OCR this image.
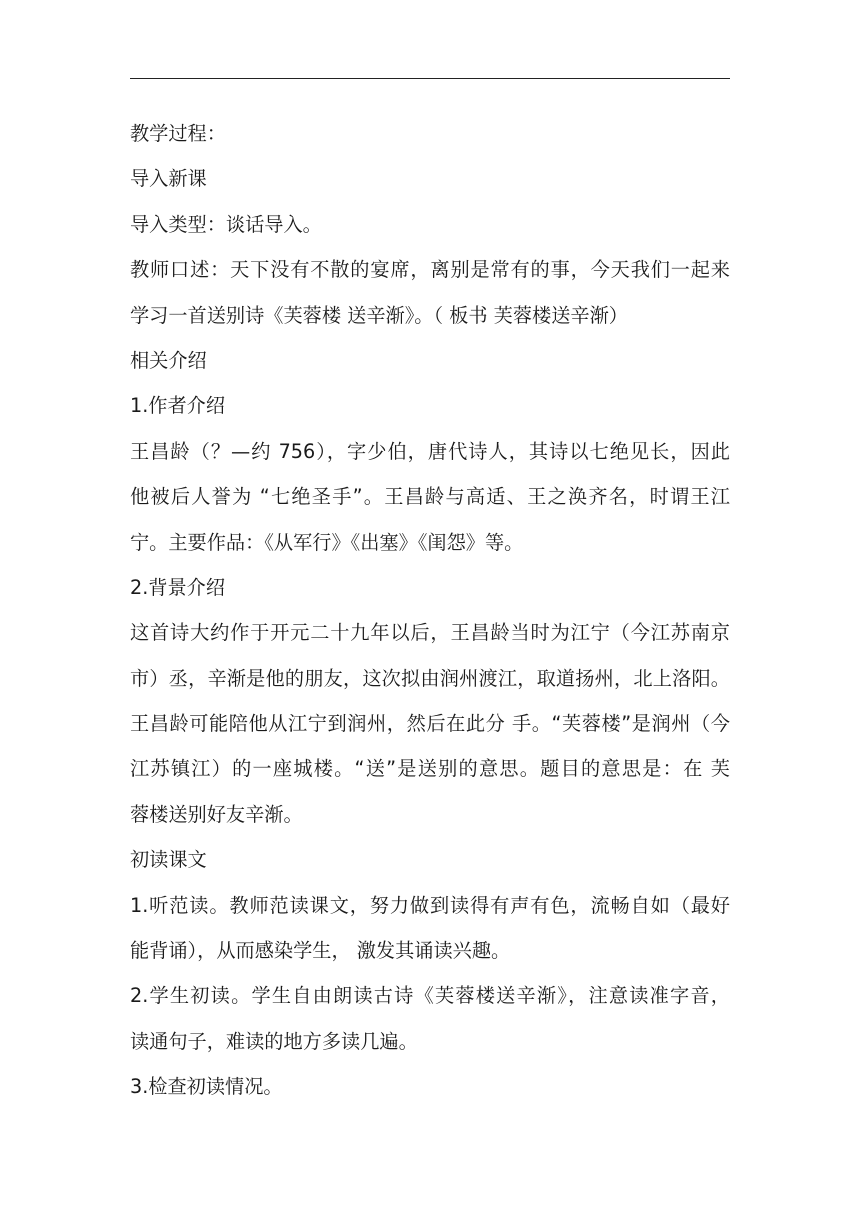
教学过程：
导入新课
导入类型：谈话导入。
教师口述：天下没有不散的宴席，离别是常有的事，今天我们一起来
学习一首送别诗《芙蓉楼 送辛渐》。（ 板书 芙蓉楼送辛渐）
相关介绍
1.作者介绍
王昌龄（？—约 756），字少伯，唐代诗人，其诗以七绝见长，因此
他被后人誉为 “七绝圣手”。王昌龄与高适、王之涣齐名，时谓王江
宁。主要作品：《从军行》《出塞》《闺怨》等。
2.背景介绍
这首诗大约作于开元二十九年以后，王昌龄当时为江宁（今江苏南京
市）丞，辛渐是他的朋友，这次拟由润州渡江，取道扬州，北上洛阳。
王昌龄可能陪他从江宁到润州，然后在此分 手。“芙蓉楼”是润州（今
江苏镇江）的一座城楼。“送”是送别的意思。题目的意思是：在 芙
蓉楼送别好友辛渐。
初读课文
1.听范读。教师范读课文，努力做到读得有声有色，流畅自如（最好
能背诵），从而感染学生， 激发其诵读兴趣。
2.学生初读。学生自由朗读古诗《芙蓉楼送辛渐》，注意读准字音，
读通句子，难读的地方多读几遍。
3.检查初读情况。
